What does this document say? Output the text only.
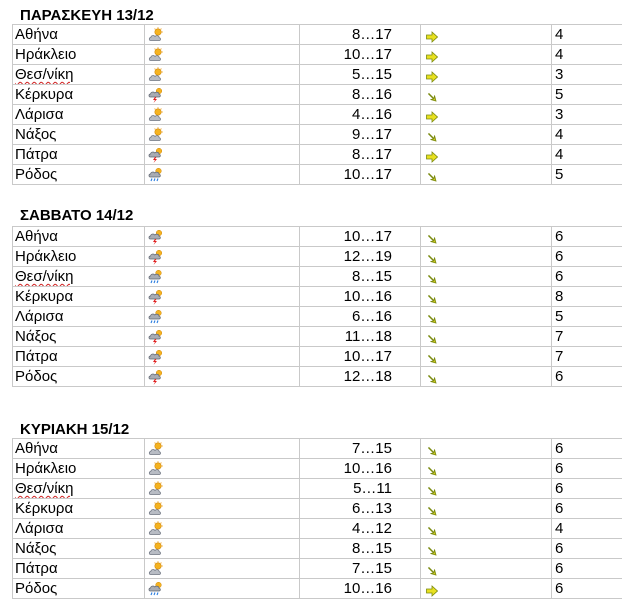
ΠΑΡΑΣΚΕΥΗ 13/12
Αθήνα		8…17		4	

Ηράκλειο		10…17		4	

Θεσ/νίκη		5…15		3	

Κέρκυρα		8…16		5	

Λάρισα		4…16		3	

Νάξος		9…17		4	

Πάτρα		8…17		4	

Ρόδος		10…17		5	
ΣΑΒΒΑΤΟ 14/12
Αθήνα		10…17		6	

Ηράκλειο		12…19		6	

Θεσ/νίκη		8…15		6	

Κέρκυρα		10…16		8	

Λάρισα		6…16		5	

Νάξος		11…18		7	

Πάτρα		10…17		7	

Ρόδος		12…18		6	
ΚΥΡΙΑΚΗ 15/12
Αθήνα		7…15		6	

Ηράκλειο		10…16		6	

Θεσ/νίκη		5…11		6	

Κέρκυρα		6…13		6	

Λάρισα		4…12		4	

Νάξος		8…15		6	

Πάτρα		7…15		6	

Ρόδος		10…16		6	
